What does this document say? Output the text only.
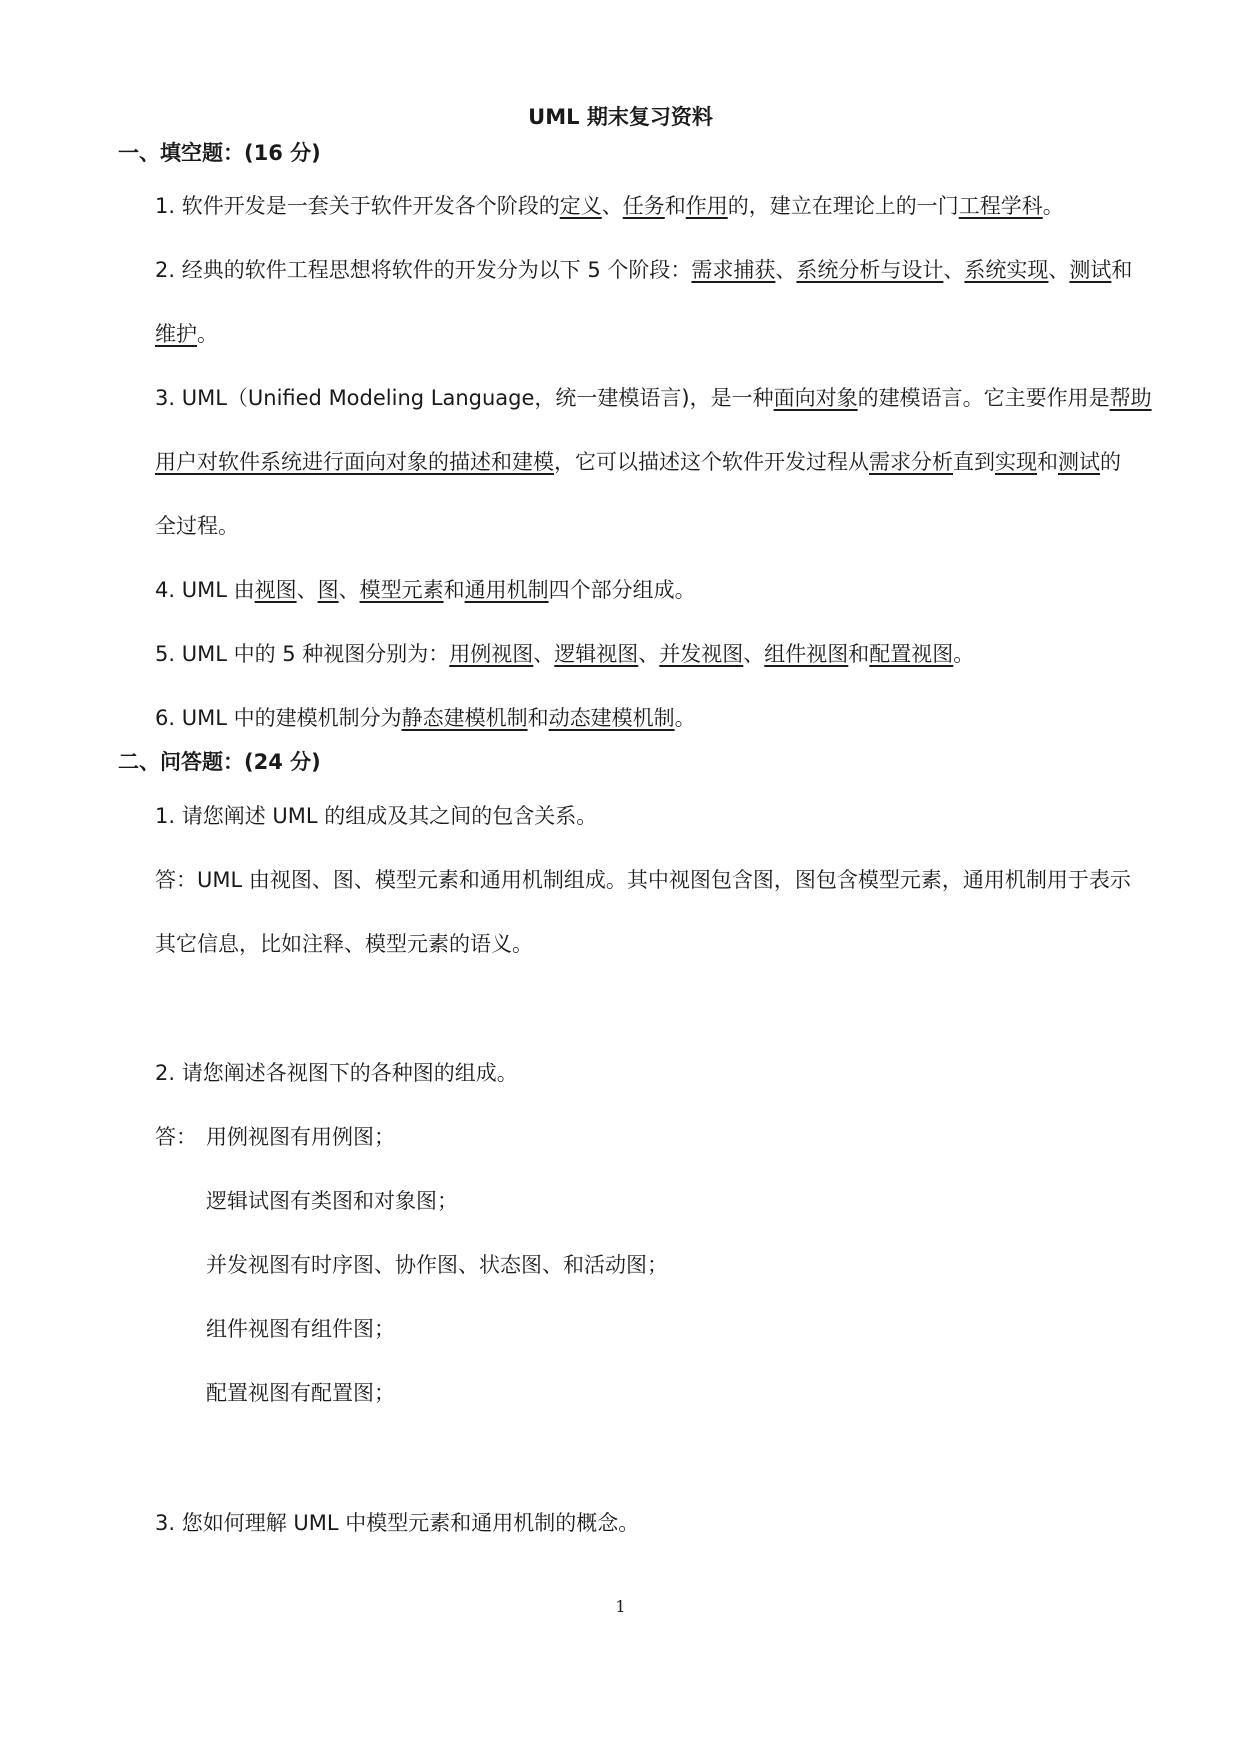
UML 期末复习资料
一、填空题：(16 分)
1. 软件开发是一套关于软件开发各个阶段的定义、任务和作用的，建立在理论上的一门工程学科。
2. 经典的软件工程思想将软件的开发分为以下 5 个阶段：需求捕获、系统分析与设计、系统实现、测试和
维护。
3. UML（Unified Modeling Language，统一建模语言)，是一种面向对象的建模语言。它主要作用是帮助
用户对软件系统进行面向对象的描述和建模，它可以描述这个软件开发过程从需求分析直到实现和测试的
全过程。
4. UML 由视图、图、模型元素和通用机制四个部分组成。
5. UML 中的 5 种视图分别为：用例视图、逻辑视图、并发视图、组件视图和配置视图。
6. UML 中的建模机制分为静态建模机制和动态建模机制。
二、问答题：(24 分)
1. 请您阐述 UML 的组成及其之间的包含关系。
答：UML 由视图、图、模型元素和通用机制组成。其中视图包含图，图包含模型元素，通用机制用于表示
其它信息，比如注释、模型元素的语义。
2. 请您阐述各视图下的各种图的组成。
答： 用例视图有用例图；
逻辑试图有类图和对象图；
并发视图有时序图、协作图、状态图、和活动图；
组件视图有组件图；
配置视图有配置图；
3. 您如何理解 UML 中模型元素和通用机制的概念。
1
